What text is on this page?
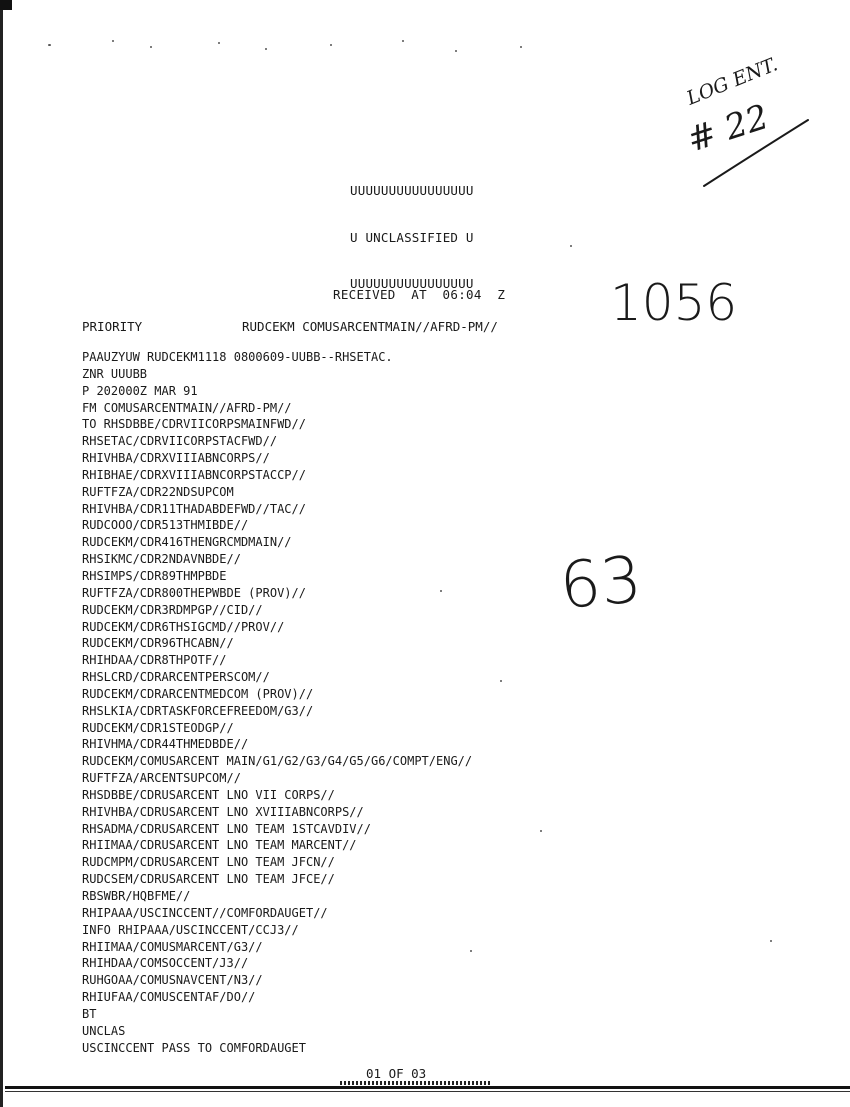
UUUUUUUUUUUUUUUU

U UNCLASSIFIED U

UUUUUUUUUUUUUUUU

RECEIVED  AT  06:04  Z
PRIORITY	RUDCEKM COMUSARCENTMAIN//AFRD-PM//
PAAUZYUW RUDCEKM1118 0800609-UUBB--RHSETAC.
ZNR UUUBB
P 202000Z MAR 91
FM COMUSARCENTMAIN//AFRD-PM//
TO RHSDBBE/CDRVIICORPSMAINFWD//
RHSETAC/CDRVIICORPSTACFWD//
RHIVHBA/CDRXVIIIABNCORPS//
RHIBHAE/CDRXVIIIABNCORPSTACCP//
RUFTFZA/CDR22NDSUPCOM
RHIVHBA/CDR11THADABDEFWD//TAC//
RUDCOOO/CDR513THMIBDE//
RUDCEKM/CDR416THENGRCMDMAIN//
RHSIKMC/CDR2NDAVNBDE//
RHSIMPS/CDR89THMPBDE
RUFTFZA/CDR800THEPWBDE (PROV)//
RUDCEKM/CDR3RDMPGP//CID//
RUDCEKM/CDR6THSIGCMD//PROV//
RUDCEKM/CDR96THCABN//
RHIHDAA/CDR8THPOTF//
RHSLCRD/CDRARCENTPERSCOM//
RUDCEKM/CDRARCENTMEDCOM (PROV)//
RHSLKIA/CDRTASKFORCEFREEDOM/G3//
RUDCEKM/CDR1STEODGP//
RHIVHMA/CDR44THMEDBDE//
RUDCEKM/COMUSARCENT MAIN/G1/G2/G3/G4/G5/G6/COMPT/ENG//
RUFTFZA/ARCENTSUPCOM//
RHSDBBE/CDRUSARCENT LNO VII CORPS//
RHIVHBA/CDRUSARCENT LNO XVIIIABNCORPS//
RHSADMA/CDRUSARCENT LNO TEAM 1STCAVDIV//
RHIIMAA/CDRUSARCENT LNO TEAM MARCENT//
RUDCMPM/CDRUSARCENT LNO TEAM JFCN//
RUDCSEM/CDRUSARCENT LNO TEAM JFCE//
RBSWBR/HQBFME//
RHIPAAA/USCINCCENT//COMFORDAUGET//
INFO RHIPAAA/USCINCCENT/CCJ3//
RHIIMAA/COMUSMARCENT/G3//
RHIHDAA/COMSOCCENT/J3//
RUHGOAA/COMUSNAVCENT/N3//
RHIUFAA/COMUSCENTAF/DO//
BT
UNCLAS
USCINCCENT PASS TO COMFORDAUGET
01 OF 03
LOG ENT.
# 22
1056
63
